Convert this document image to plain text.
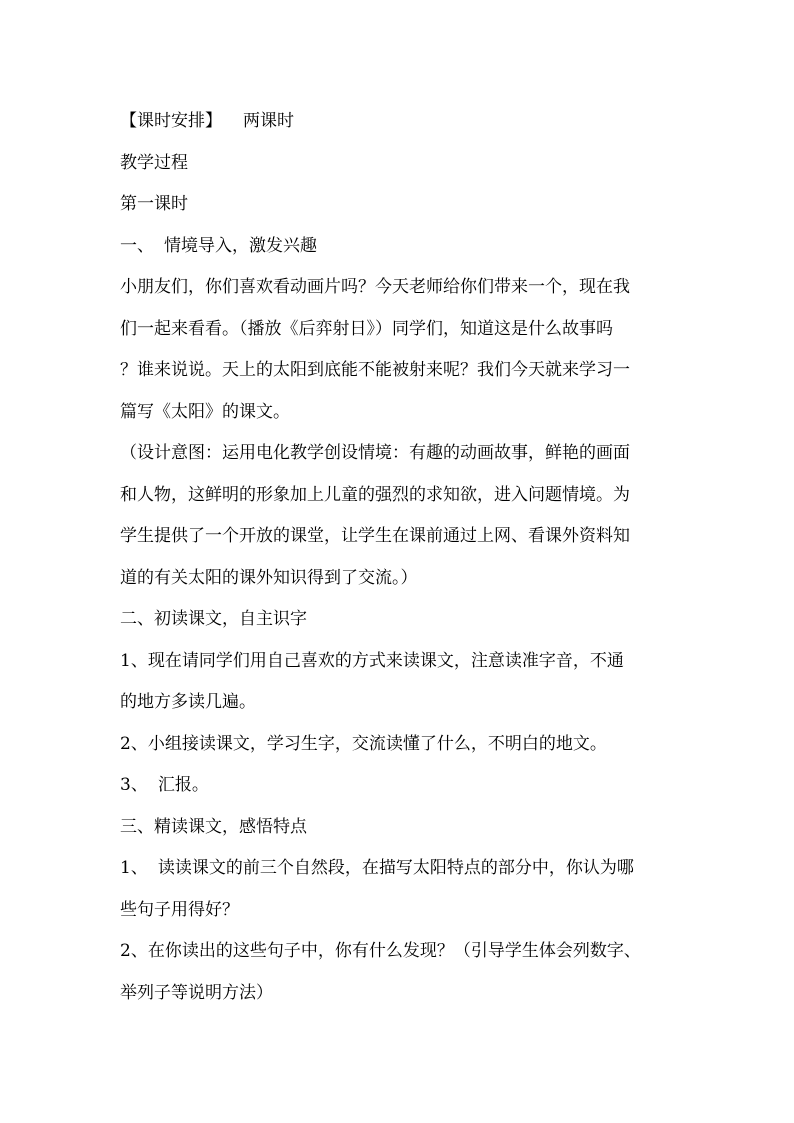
【课时安排】 两课时
教学过程
第一课时
一、 情境导入，激发兴趣
小朋友们，你们喜欢看动画片吗？今天老师给你们带来一个，现在我
们一起来看看。（播放《后弈射日》）同学们，知道这是什么故事吗
？谁来说说。天上的太阳到底能不能被射来呢？我们今天就来学习一
篇写《太阳》的课文。
（设计意图：运用电化教学创设情境：有趣的动画故事，鲜艳的画面
和人物，这鲜明的形象加上儿童的强烈的求知欲，进入问题情境。为
学生提供了一个开放的课堂，让学生在课前通过上网、看课外资料知
道的有关太阳的课外知识得到了交流。）
二、初读课文，自主识字
1、现在请同学们用自己喜欢的方式来读课文，注意读准字音，不通
的地方多读几遍。
2、小组接读课文，学习生字，交流读懂了什么，不明白的地文。
3、 汇报。
三、精读课文，感悟特点
1、 读读课文的前三个自然段，在描写太阳特点的部分中，你认为哪
些句子用得好？
2、在你读出的这些句子中，你有什么发现？（引导学生体会列数字、
举列子等说明方法）
